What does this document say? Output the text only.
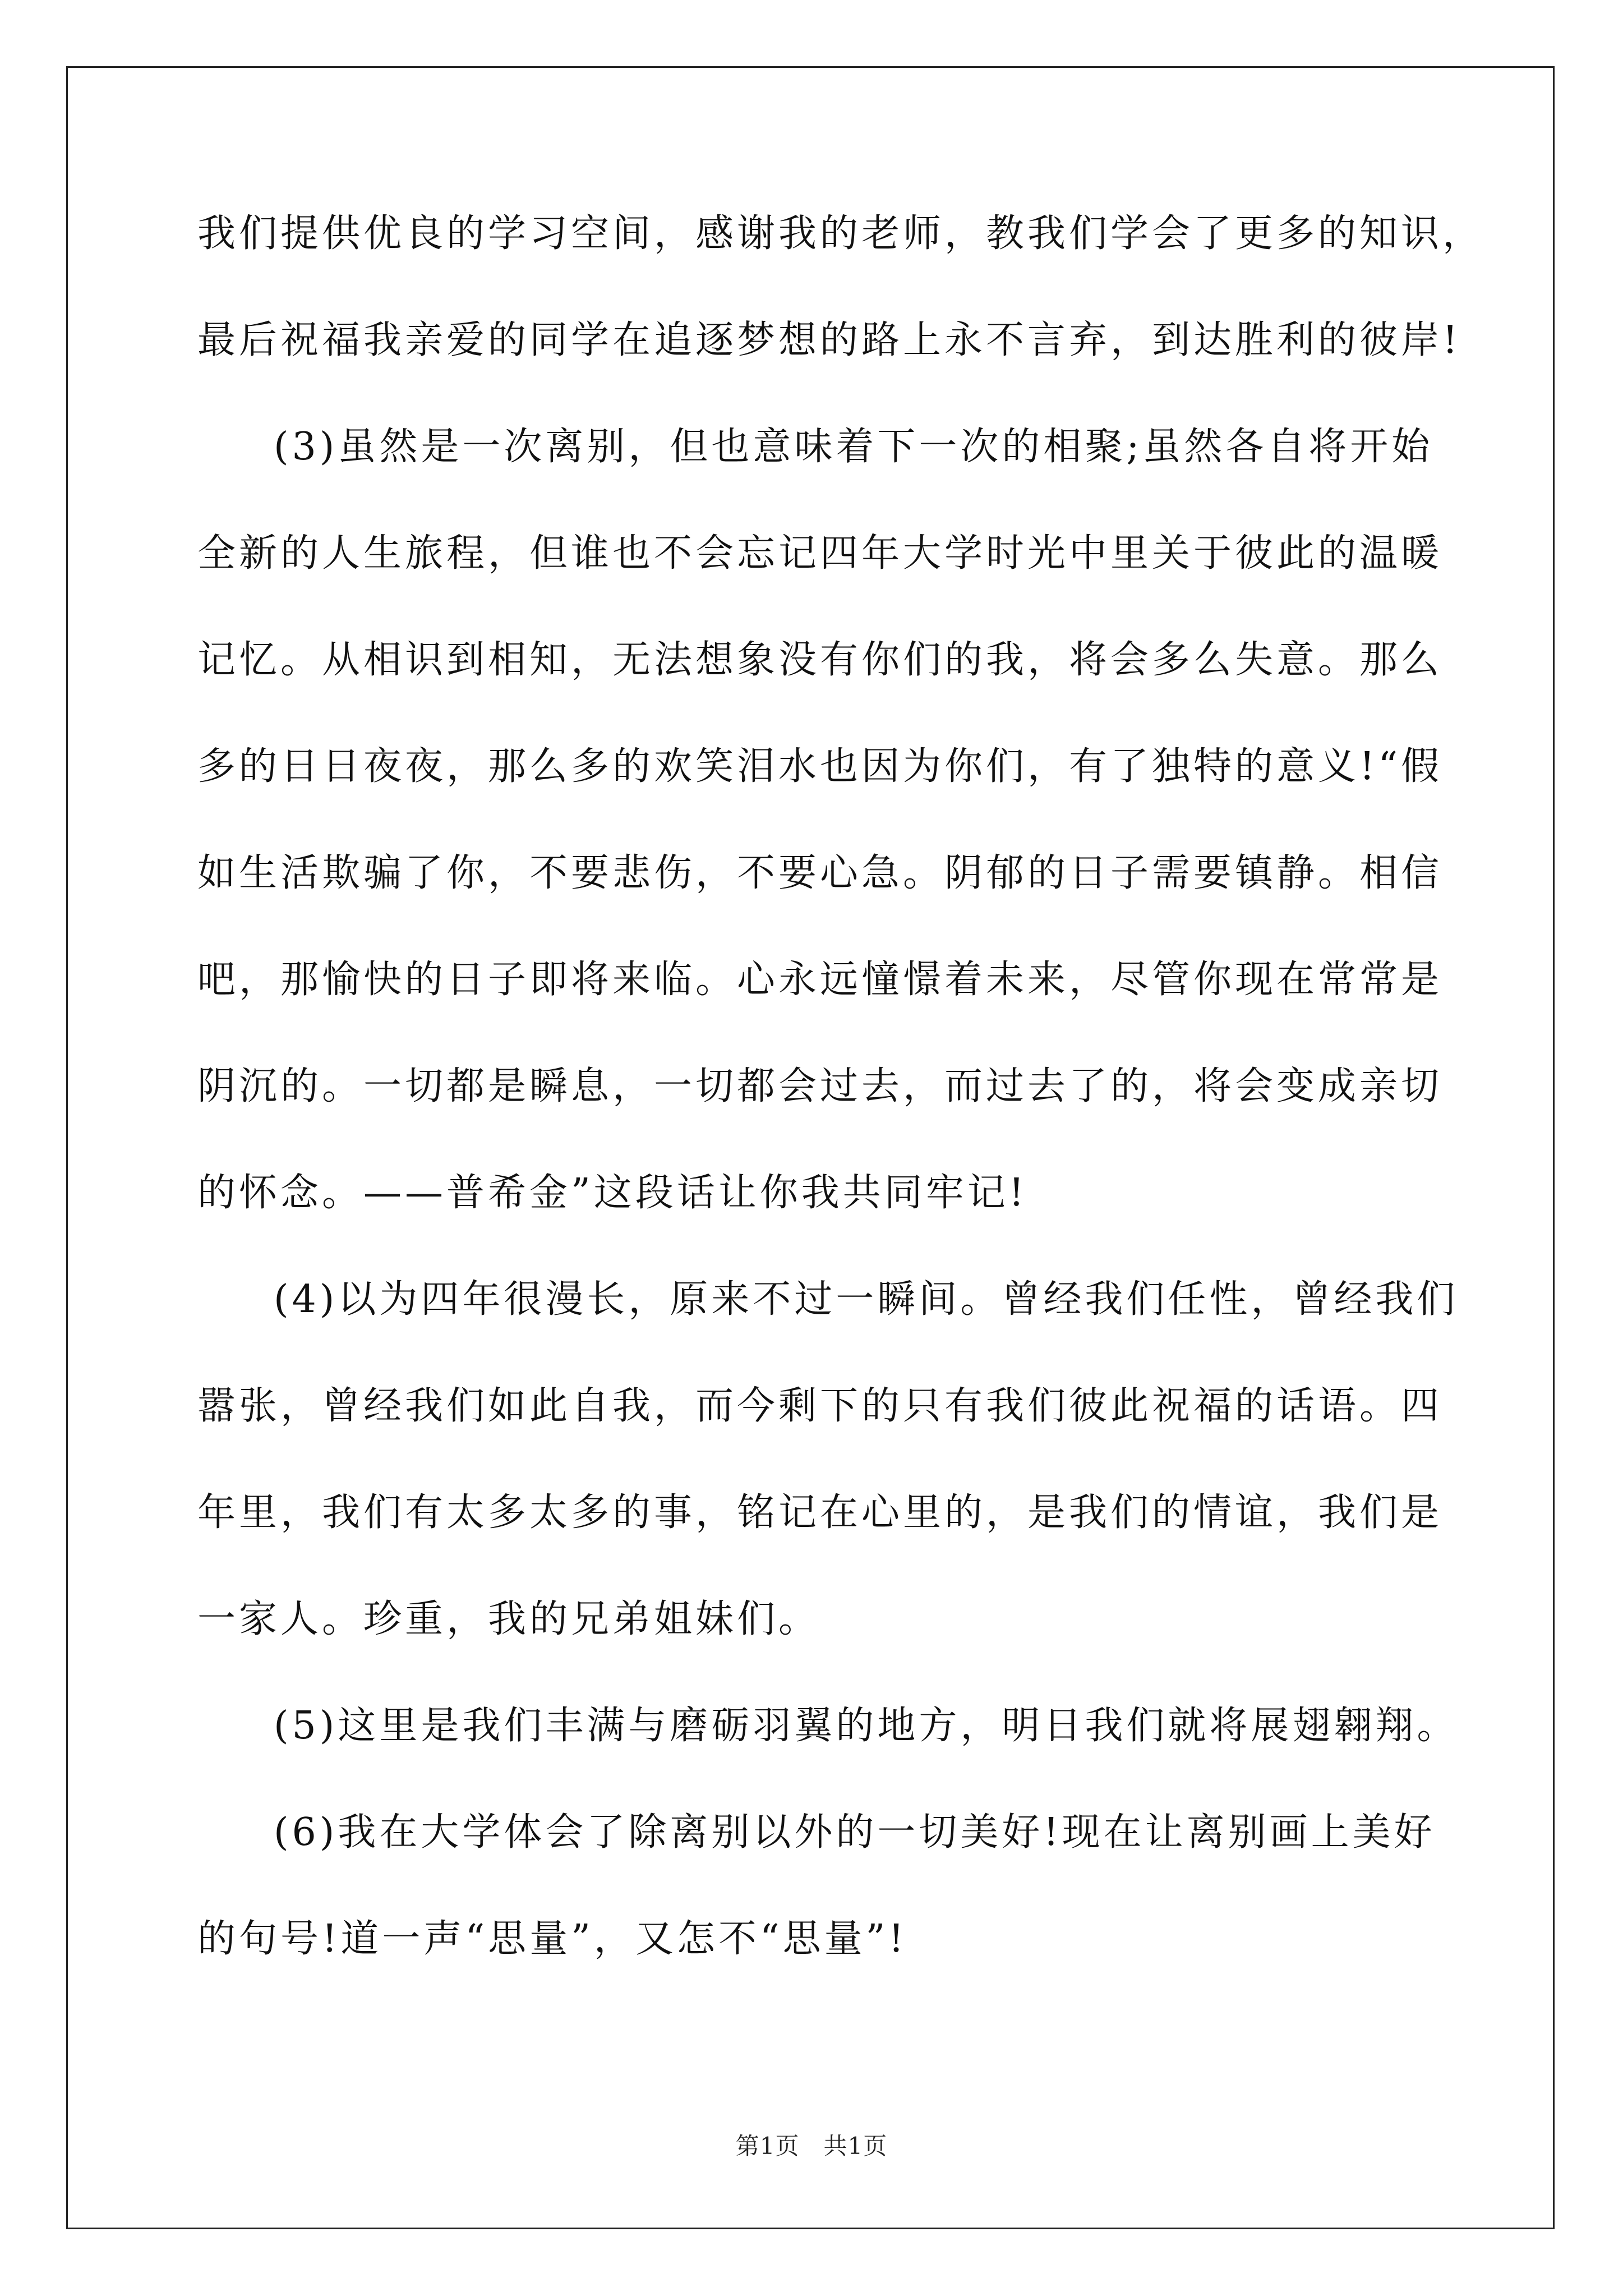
我们提供优良的学习空间，感谢我的老师，教我们学会了更多的知识，
最后祝福我亲爱的同学在追逐梦想的路上永不言弃，到达胜利的彼岸!
(3)虽然是一次离别，但也意味着下一次的相聚;虽然各自将开始
全新的人生旅程，但谁也不会忘记四年大学时光中里关于彼此的温暖
记忆。从相识到相知，无法想象没有你们的我，将会多么失意。那么
多的日日夜夜，那么多的欢笑泪水也因为你们，有了独特的意义!“假
如生活欺骗了你，不要悲伤，不要心急。阴郁的日子需要镇静。相信
吧，那愉快的日子即将来临。心永远憧憬着未来，尽管你现在常常是
阴沉的。一切都是瞬息，一切都会过去，而过去了的，将会变成亲切
的怀念。——普希金”这段话让你我共同牢记!
(4)以为四年很漫长，原来不过一瞬间。曾经我们任性，曾经我们
嚣张，曾经我们如此自我，而今剩下的只有我们彼此祝福的话语。四
年里，我们有太多太多的事，铭记在心里的，是我们的情谊，我们是
一家人。珍重，我的兄弟姐妹们。
(5)这里是我们丰满与磨砺羽翼的地方，明日我们就将展翅翱翔。
(6)我在大学体会了除离别以外的一切美好!现在让离别画上美好
的句号!道一声“思量”，又怎不“思量”!
第1页　共1页
